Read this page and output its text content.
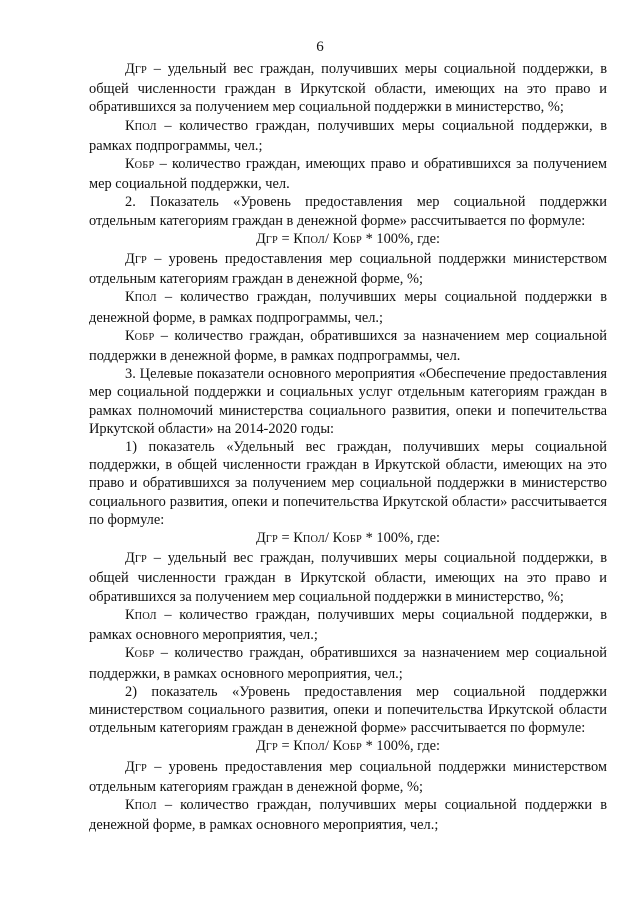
6

ДГР – удельный вес граждан, получивших меры социальной поддержки, в общей численности граждан в Иркутской области, имеющих на это право и обратившихся за получением мер социальной поддержки в министерство, %;

КПОЛ – количество граждан, получивших меры социальной поддержки, в рамках подпрограммы, чел.;

КОБР – количество граждан, имеющих право и обратившихся за получением мер социальной поддержки, чел.

2. Показатель «Уровень предоставления мер социальной поддержки отдельным категориям граждан в денежной форме» рассчитывается по формуле:

ДГР = КПОЛ/ КОБР * 100%, где:

ДГР – уровень предоставления мер социальной поддержки министерством отдельным категориям граждан в денежной форме, %;

КПОЛ – количество граждан, получивших меры социальной поддержки в денежной форме, в рамках подпрограммы, чел.;

КОБР – количество граждан, обратившихся за назначением мер социальной поддержки в денежной форме, в рамках подпрограммы, чел.

3. Целевые показатели основного мероприятия «Обеспечение предоставления мер социальной поддержки и социальных услуг отдельным категориям граждан в рамках полномочий министерства социального развития, опеки и попечительства Иркутской области» на 2014-2020 годы:

1) показатель «Удельный вес граждан, получивших меры социальной поддержки, в общей численности граждан в Иркутской области, имеющих на это право и обратившихся за получением мер социальной поддержки в министерство социального развития, опеки и попечительства Иркутской области» рассчитывается по формуле:

ДГР = КПОЛ/ КОБР * 100%, где:

ДГР – удельный вес граждан, получивших меры социальной поддержки, в общей численности граждан в Иркутской области, имеющих на это право и обратившихся за получением мер социальной поддержки в министерство, %;

КПОЛ – количество граждан, получивших меры социальной поддержки, в рамках основного мероприятия, чел.;

КОБР – количество граждан, обратившихся за назначением мер социальной поддержки, в рамках основного мероприятия, чел.;

2) показатель «Уровень предоставления мер социальной поддержки министерством социального развития, опеки и попечительства Иркутской области отдельным категориям граждан в денежной форме» рассчитывается по формуле:

ДГР = КПОЛ/ КОБР * 100%, где:

ДГР – уровень предоставления мер социальной поддержки министерством отдельным категориям граждан в денежной форме, %;

КПОЛ – количество граждан, получивших меры социальной поддержки в денежной форме, в рамках основного мероприятия, чел.;
